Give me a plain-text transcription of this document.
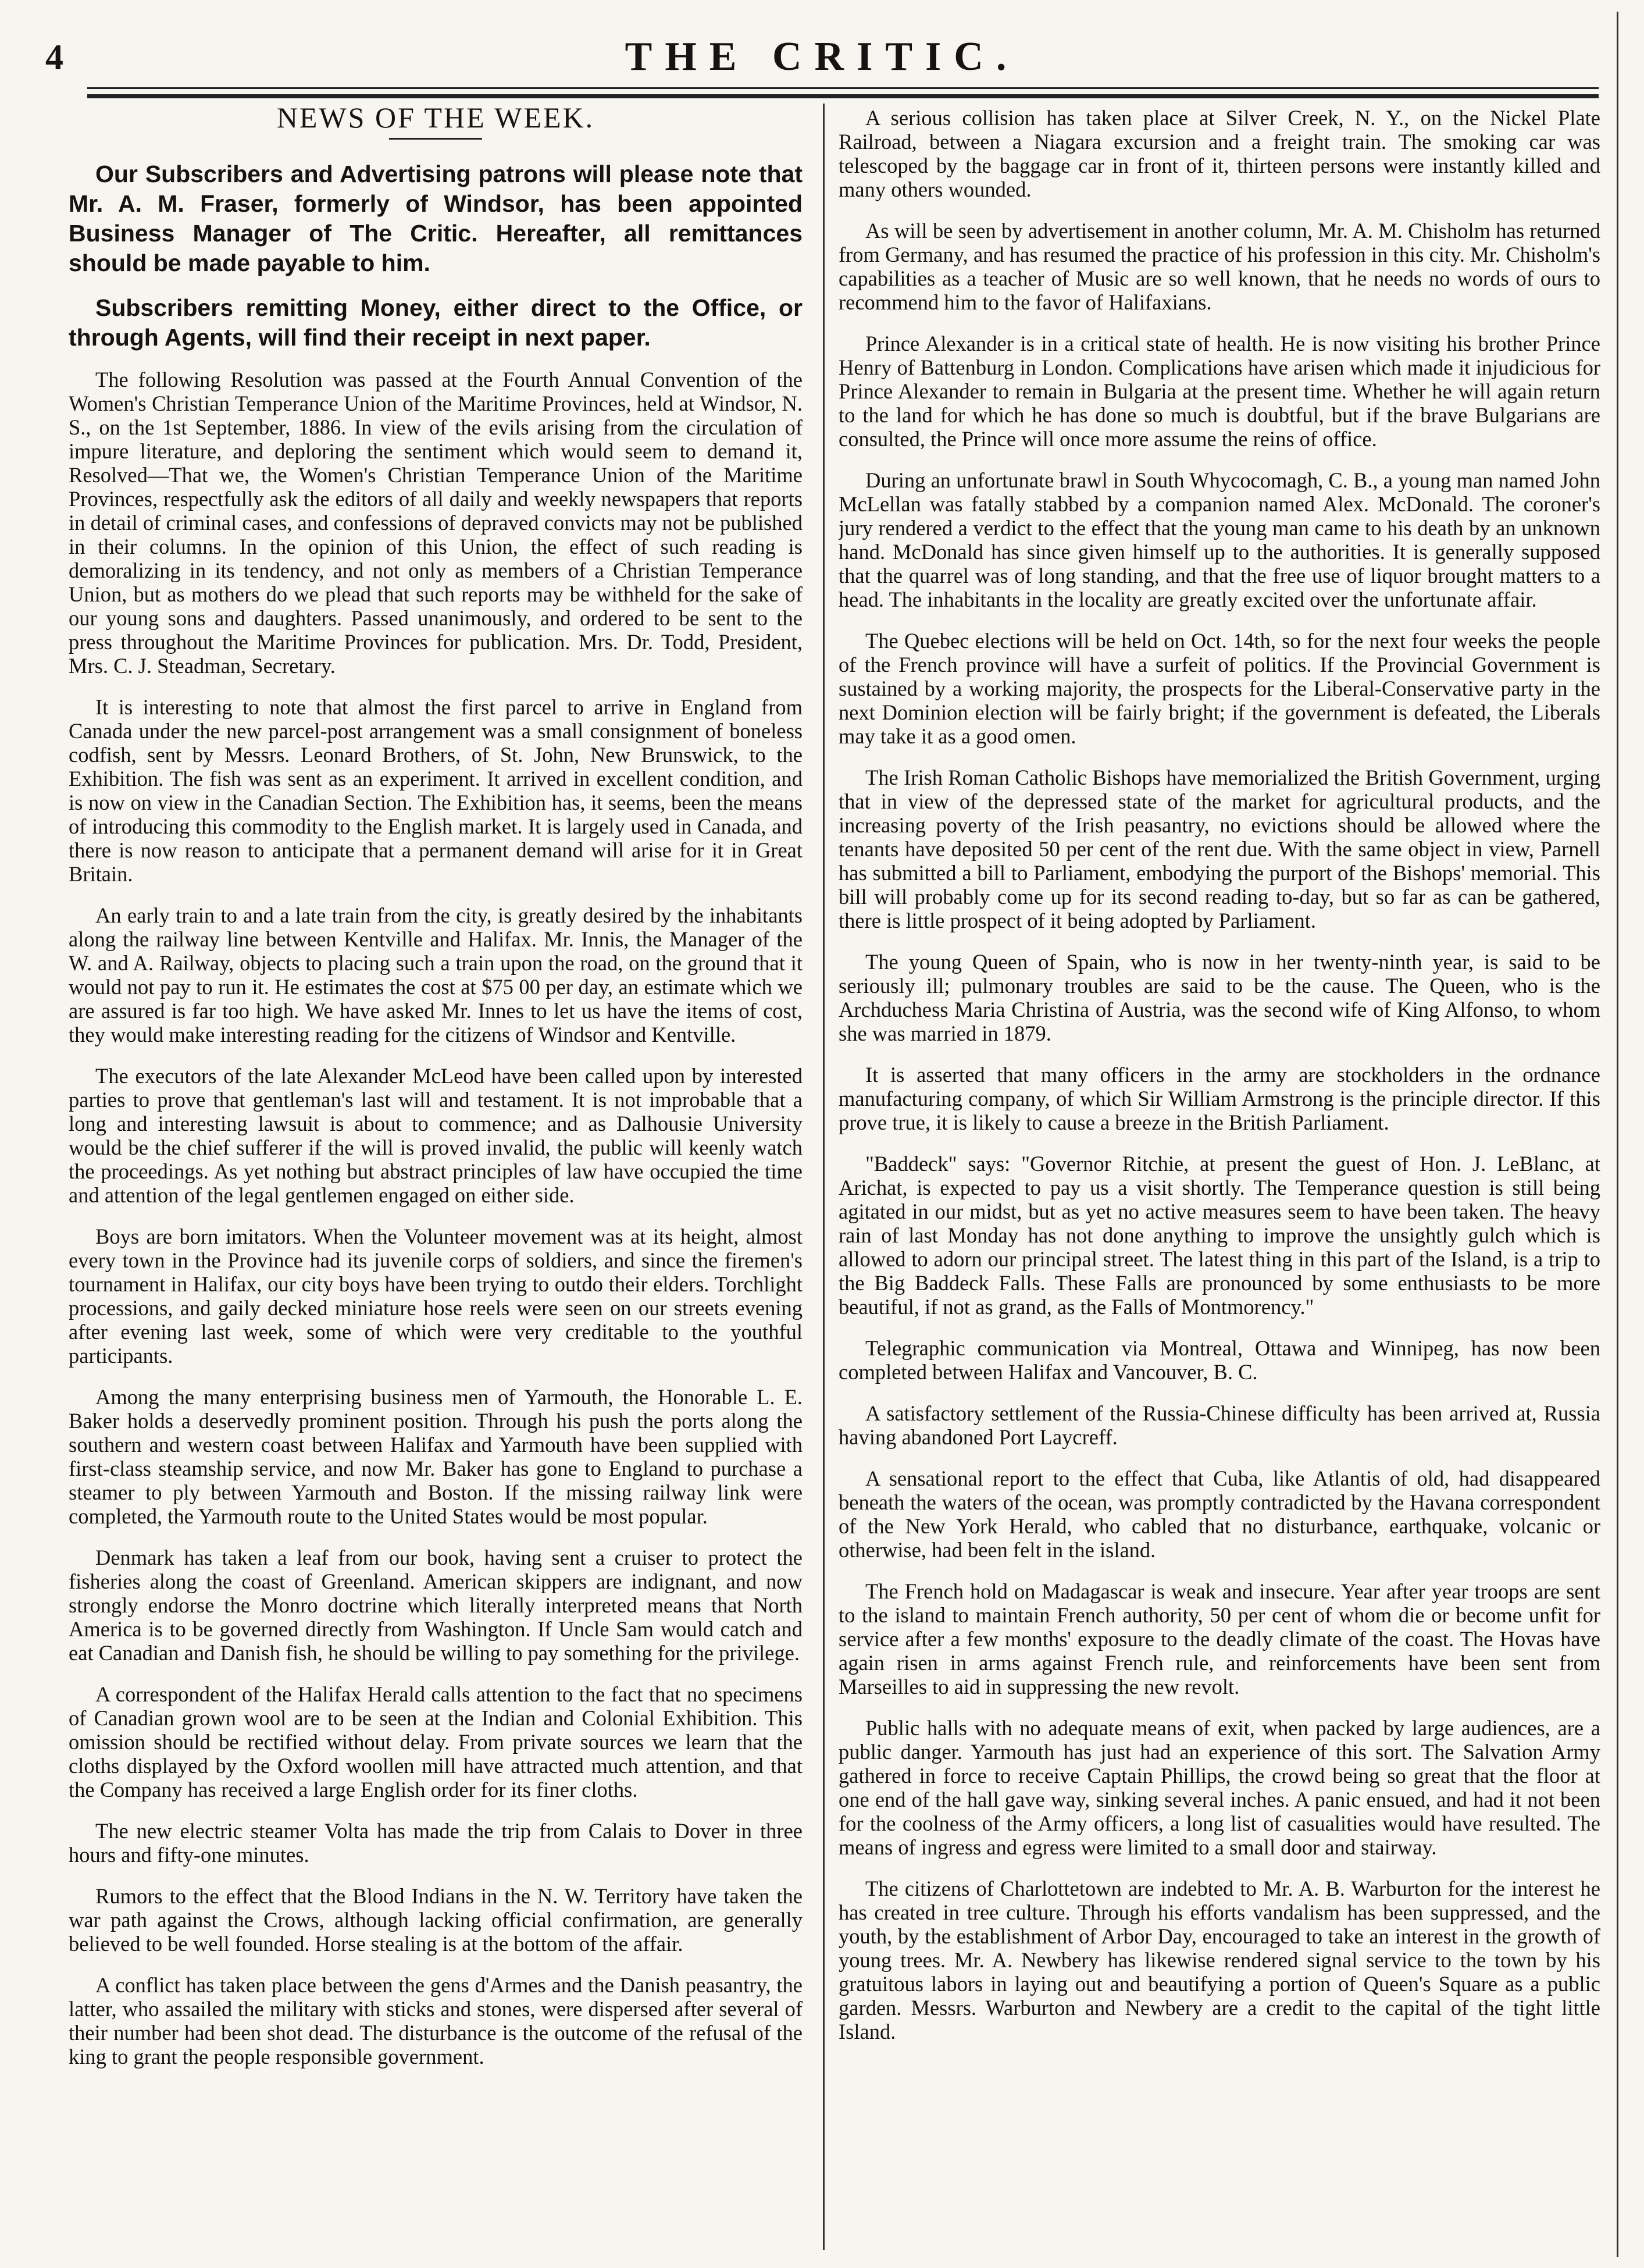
4	THE CRITIC.
NEWS OF THE WEEK.

Our Subscribers and Advertising patrons will please note that Mr. A. M. Fraser, formerly of Windsor, has been appointed Business Manager of The Critic. Hereafter, all remittances should be made payable to him.

Subscribers remitting Money, either direct to the Office, or through Agents, will find their receipt in next paper.

The following Resolution was passed at the Fourth Annual Convention of the Women's Christian Temperance Union of the Maritime Provinces, held at Windsor, N. S., on the 1st September, 1886. In view of the evils arising from the circulation of impure literature, and deploring the sentiment which would seem to demand it, Resolved—That we, the Women's Christian Temperance Union of the Maritime Provinces, respectfully ask the editors of all daily and weekly newspapers that reports in detail of criminal cases, and confessions of depraved convicts may not be published in their columns. In the opinion of this Union, the effect of such reading is demoralizing in its tendency, and not only as members of a Christian Temperance Union, but as mothers do we plead that such reports may be withheld for the sake of our young sons and daughters. Passed unanimously, and ordered to be sent to the press throughout the Maritime Provinces for publication. Mrs. Dr. Todd, President, Mrs. C. J. Steadman, Secretary.

It is interesting to note that almost the first parcel to arrive in England from Canada under the new parcel-post arrangement was a small consignment of boneless codfish, sent by Messrs. Leonard Brothers, of St. John, New Brunswick, to the Exhibition. The fish was sent as an experiment. It arrived in excellent condition, and is now on view in the Canadian Section. The Exhibition has, it seems, been the means of introducing this commodity to the English market. It is largely used in Canada, and there is now reason to anticipate that a permanent demand will arise for it in Great Britain.

An early train to and a late train from the city, is greatly desired by the inhabitants along the railway line between Kentville and Halifax. Mr. Innis, the Manager of the W. and A. Railway, objects to placing such a train upon the road, on the ground that it would not pay to run it. He estimates the cost at $75 00 per day, an estimate which we are assured is far too high. We have asked Mr. Innes to let us have the items of cost, they would make interesting reading for the citizens of Windsor and Kentville.

The executors of the late Alexander McLeod have been called upon by interested parties to prove that gentleman's last will and testament. It is not improbable that a long and interesting lawsuit is about to commence; and as Dalhousie University would be the chief sufferer if the will is proved invalid, the public will keenly watch the proceedings. As yet nothing but abstract principles of law have occupied the time and attention of the legal gentlemen engaged on either side.

Boys are born imitators. When the Volunteer movement was at its height, almost every town in the Province had its juvenile corps of soldiers, and since the firemen's tournament in Halifax, our city boys have been trying to outdo their elders. Torchlight processions, and gaily decked miniature hose reels were seen on our streets evening after evening last week, some of which were very creditable to the youthful participants.

Among the many enterprising business men of Yarmouth, the Honorable L. E. Baker holds a deservedly prominent position. Through his push the ports along the southern and western coast between Halifax and Yarmouth have been supplied with first-class steamship service, and now Mr. Baker has gone to England to purchase a steamer to ply between Yarmouth and Boston. If the missing railway link were completed, the Yarmouth route to the United States would be most popular.

Denmark has taken a leaf from our book, having sent a cruiser to protect the fisheries along the coast of Greenland. American skippers are indignant, and now strongly endorse the Monro doctrine which literally interpreted means that North America is to be governed directly from Washington. If Uncle Sam would catch and eat Canadian and Danish fish, he should be willing to pay something for the privilege.

A correspondent of the Halifax Herald calls attention to the fact that no specimens of Canadian grown wool are to be seen at the Indian and Colonial Exhibition. This omission should be rectified without delay. From private sources we learn that the cloths displayed by the Oxford woollen mill have attracted much attention, and that the Company has received a large English order for its finer cloths.

The new electric steamer Volta has made the trip from Calais to Dover in three hours and fifty-one minutes.

Rumors to the effect that the Blood Indians in the N. W. Territory have taken the war path against the Crows, although lacking official confirmation, are generally believed to be well founded. Horse stealing is at the bottom of the affair.

A conflict has taken place between the gens d'Armes and the Danish peasantry, the latter, who assailed the military with sticks and stones, were dispersed after several of their number had been shot dead. The disturbance is the outcome of the refusal of the king to grant the people responsible government.

A serious collision has taken place at Silver Creek, N. Y., on the Nickel Plate Railroad, between a Niagara excursion and a freight train. The smoking car was telescoped by the baggage car in front of it, thirteen persons were instantly killed and many others wounded.

As will be seen by advertisement in another column, Mr. A. M. Chisholm has returned from Germany, and has resumed the practice of his profession in this city. Mr. Chisholm's capabilities as a teacher of Music are so well known, that he needs no words of ours to recommend him to the favor of Halifaxians.

Prince Alexander is in a critical state of health. He is now visiting his brother Prince Henry of Battenburg in London. Complications have arisen which made it injudicious for Prince Alexander to remain in Bulgaria at the present time. Whether he will again return to the land for which he has done so much is doubtful, but if the brave Bulgarians are consulted, the Prince will once more assume the reins of office.

During an unfortunate brawl in South Whycocomagh, C. B., a young man named John McLellan was fatally stabbed by a companion named Alex. McDonald. The coroner's jury rendered a verdict to the effect that the young man came to his death by an unknown hand. McDonald has since given himself up to the authorities. It is generally supposed that the quarrel was of long standing, and that the free use of liquor brought matters to a head. The inhabitants in the locality are greatly excited over the unfortunate affair.

The Quebec elections will be held on Oct. 14th, so for the next four weeks the people of the French province will have a surfeit of politics. If the Provincial Government is sustained by a working majority, the prospects for the Liberal-Conservative party in the next Dominion election will be fairly bright; if the government is defeated, the Liberals may take it as a good omen.

The Irish Roman Catholic Bishops have memorialized the British Government, urging that in view of the depressed state of the market for agricultural products, and the increasing poverty of the Irish peasantry, no evictions should be allowed where the tenants have deposited 50 per cent of the rent due. With the same object in view, Parnell has submitted a bill to Parliament, embodying the purport of the Bishops' memorial. This bill will probably come up for its second reading to-day, but so far as can be gathered, there is little prospect of it being adopted by Parliament.

The young Queen of Spain, who is now in her twenty-ninth year, is said to be seriously ill; pulmonary troubles are said to be the cause. The Queen, who is the Archduchess Maria Christina of Austria, was the second wife of King Alfonso, to whom she was married in 1879.

It is asserted that many officers in the army are stockholders in the ordnance manufacturing company, of which Sir William Armstrong is the principle director. If this prove true, it is likely to cause a breeze in the British Parliament.

"Baddeck" says: "Governor Ritchie, at present the guest of Hon. J. LeBlanc, at Arichat, is expected to pay us a visit shortly. The Temperance question is still being agitated in our midst, but as yet no active measures seem to have been taken. The heavy rain of last Monday has not done anything to improve the unsightly gulch which is allowed to adorn our principal street. The latest thing in this part of the Island, is a trip to the Big Baddeck Falls. These Falls are pronounced by some enthusiasts to be more beautiful, if not as grand, as the Falls of Montmorency."

Telegraphic communication via Montreal, Ottawa and Winnipeg, has now been completed between Halifax and Vancouver, B. C.

A satisfactory settlement of the Russia-Chinese difficulty has been arrived at, Russia having abandoned Port Laycreff.

A sensational report to the effect that Cuba, like Atlantis of old, had disappeared beneath the waters of the ocean, was promptly contradicted by the Havana correspondent of the New York Herald, who cabled that no disturbance, earthquake, volcanic or otherwise, had been felt in the island.

The French hold on Madagascar is weak and insecure. Year after year troops are sent to the island to maintain French authority, 50 per cent of whom die or become unfit for service after a few months' exposure to the deadly climate of the coast. The Hovas have again risen in arms against French rule, and reinforcements have been sent from Marseilles to aid in suppressing the new revolt.

Public halls with no adequate means of exit, when packed by large audiences, are a public danger. Yarmouth has just had an experience of this sort. The Salvation Army gathered in force to receive Captain Phillips, the crowd being so great that the floor at one end of the hall gave way, sinking several inches. A panic ensued, and had it not been for the coolness of the Army officers, a long list of casualities would have resulted. The means of ingress and egress were limited to a small door and stairway.

The citizens of Charlottetown are indebted to Mr. A. B. Warburton for the interest he has created in tree culture. Through his efforts vandalism has been suppressed, and the youth, by the establishment of Arbor Day, encouraged to take an interest in the growth of young trees. Mr. A. Newbery has likewise rendered signal service to the town by his gratuitous labors in laying out and beautifying a portion of Queen's Square as a public garden. Messrs. Warburton and Newbery are a credit to the capital of the tight little Island.
